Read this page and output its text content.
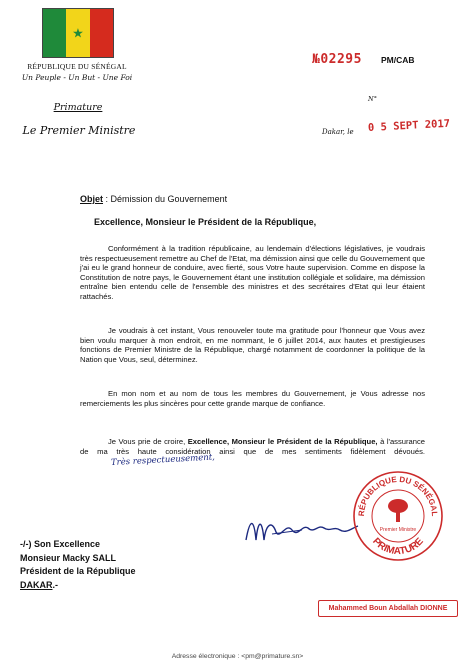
★
RÉPUBLIQUE DU SÉNÉGAL
Un Peuple - Un But - Une Foi
Primature
Le Premier Ministre
№02295 PM/CAB
N°
Dakar, le 0 5 SEPT 2017
Objet : Démission du Gouvernement
Excellence, Monsieur le Président de la République,

Conformément à la tradition républicaine, au lendemain d'élections législatives, je voudrais très respectueusement remettre au Chef de l'Etat, ma démission ainsi que celle du Gouvernement que j'ai eu le grand honneur de conduire, avec fierté, sous Votre haute supervision. Comme en dispose la Constitution de notre pays, le Gouvernement étant une institution collégiale et solidaire, ma démission entraîne bien entendu celle de l'ensemble des ministres et des secrétaires d'Etat qui leur étaient rattachés.

Je voudrais à cet instant, Vous renouveler toute ma gratitude pour l'honneur que Vous avez bien voulu marquer à mon endroit, en me nommant, le 6 juillet 2014, aux hautes et prestigieuses fonctions de Premier Ministre de la République, chargé notamment de coordonner la politique de la Nation que Vous, seul, déterminez.

En mon nom et au nom de tous les membres du Gouvernement, je Vous adresse nos remerciements les plus sincères pour cette grande marque de confiance.

Je Vous prie de croire, Excellence, Monsieur le Président de la République, à l'assurance de ma très haute considération ainsi que de mes sentiments fidèlement dévoués. Très respectueusement,

RÉPUBLIQUE DU SÉNÉGAL
PRIMATURE
Premier Ministre
Mahammed Boun Abdallah DIONNE
-/-) Son Excellence
Monsieur Macky SALL
Président de la République
DAKAR.-
Adresse électronique : <pm@primature.sn>
